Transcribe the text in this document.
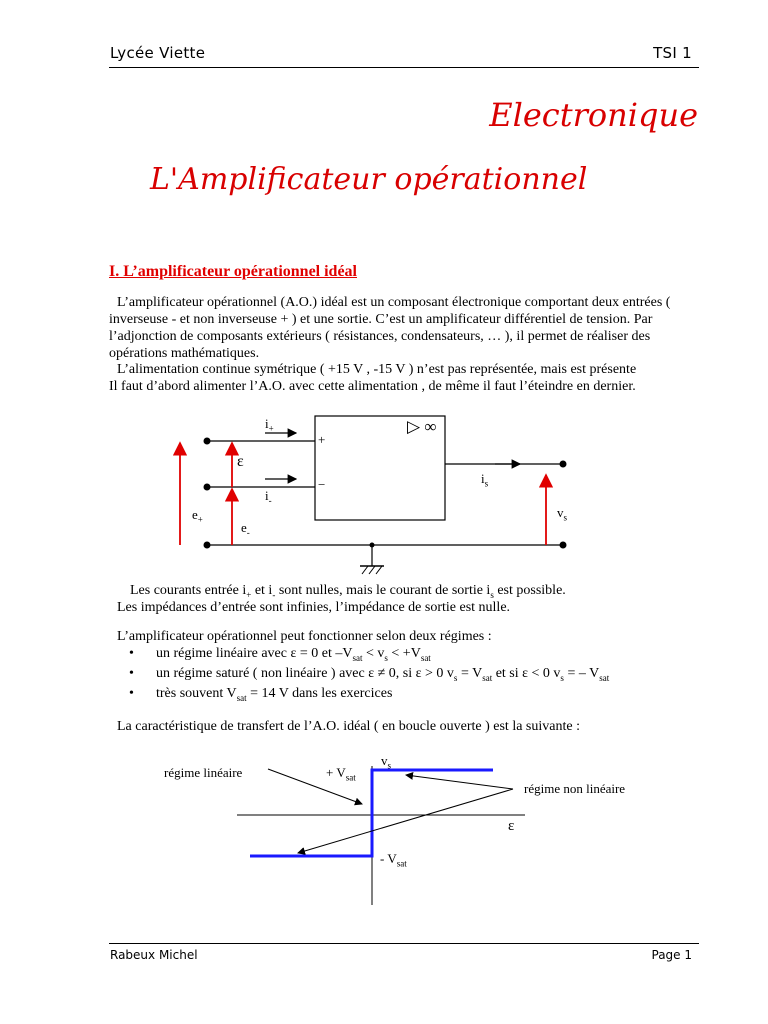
Lycée Viette	TSI 1
Electronique
L'Amplificateur opérationnel
I. L’amplificateur opérationnel idéal
L’amplificateur opérationnel (A.O.) idéal est un composant électronique comportant deux entrées ( inverseuse - et non inverseuse + ) et une sortie. C’est un amplificateur différentiel de tension. Par l’adjonction de composants extérieurs ( résistances, condensateurs, … ), il permet de réaliser des opérations mathématiques.
L’alimentation continue symétrique ( +15 V , -15 V ) n’est pas représentée, mais est présente
Il faut d’abord alimenter l’A.O. avec cette alimentation , de même il faut l’éteindre en dernier.
▷ ∞
+
−
$i_+$
$i_-$
ε
$e_+$
$e_-$
$i_s$
$v_s$
Les courants entrée $i_+$ et $i_-$ sont nulles, mais le courant de sortie $i_s$ est possible.
Les impédances d’entrée sont infinies, l’impédance de sortie est nulle.
L’amplificateur opérationnel peut fonctionner selon deux régimes :
• un régime linéaire avec ε = 0 et $-V_{sat} < v_s < +V_{sat}$
• un régime saturé ( non linéaire ) avec ε ≠ 0, si ε > 0 $v_s = V_{sat}$ et si ε < 0 $v_s$ = – $V_{sat}$
• très souvent $V_{sat} = 14$ V dans les exercices
La caractéristique de transfert de l’A.O. idéal ( en boucle ouverte ) est la suivante :
$v_s$
+ $V_{sat}$
- $V_{sat}$
régime linéaire
régime non linéaire
ε
Rabeux Michel	Page 1
